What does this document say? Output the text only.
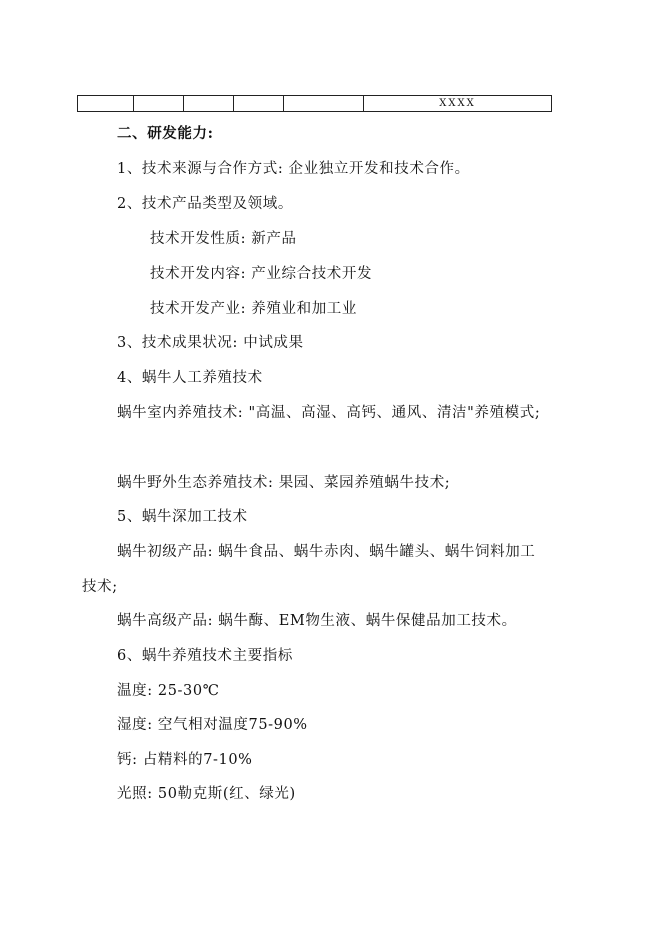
XXXX
二、研发能力:
1、技术来源与合作方式: 企业独立开发和技术合作。
2、技术产品类型及领域。
技术开发性质: 新产品
技术开发内容: 产业综合技术开发
技术开发产业: 养殖业和加工业
3、技术成果状况: 中试成果
4、蜗牛人工养殖技术
蜗牛室内养殖技术: "高温、高湿、高钙、通风、清洁"养殖模式;
蜗牛野外生态养殖技术: 果园、菜园养殖蜗牛技术;
5、蜗牛深加工技术
蜗牛初级产品: 蜗牛食品、蜗牛赤肉、蜗牛罐头、蜗牛饲料加工
技术;
蜗牛高级产品: 蜗牛酶、EM物生液、蜗牛保健品加工技术。
6、蜗牛养殖技术主要指标
温度: 25-30℃
湿度: 空气相对温度75-90%
钙: 占精料的7-10%
光照: 50勒克斯(红、绿光)
